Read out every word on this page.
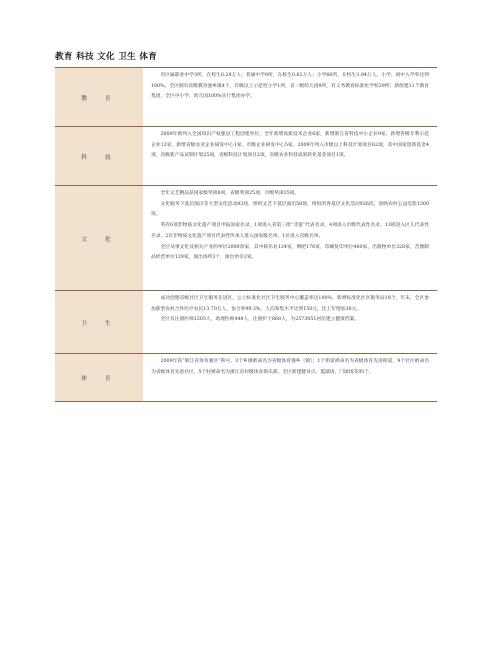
教育 科技 文化 卫生 体育
教　育

有区属职业中学3所，在校生0.24万人；普通中学9所，在校生0.62万人；小学66所，在校生3.94万人。小学、初中入学率达到100%。全区拥有省级教育强乡镇4个，有级以上示范性小学1所，省一级幼儿园9所，有义务教育标准化学校29所；新组建11个教育集团，全区中小学、幼儿园100%实行集团办学。

科　技

2009年被列入全国知识产权强县工程创建单位。全年新增高新技术企业6家，新增浙江省科技中小企业9家，新增各级专利示范企业12家，新增省级农业企业研发中心1家，市级企业研发中心5家。2009年列入市级以上科技计划项目62项，其中国家创新基金4项，省级新产品试制计划25项，省级科技计划项目2项，省级农业科技成果转化基金项目1项。

文　化

全年文艺精品获国家级奖项8项，省级奖项25项，市级奖项35项。

文化服务下基层演出等大型文化活动83场，组织文艺下基层演出58场，组织的各基层文化活动926次，放映农村公益电影1300场。

英有6项非物质文化遗产项目申报国家名录，1项进入省第三批“非遗”代表名录，4项进入市级代表性名录，13项进入区儿代表性名录，2位非物质文化遗产项目代表性传承人进入国家级名单，1位进入省级名单。

全区从事文化及相关产业的单位2000余家，其中娱乐业124家，网吧176家，印刷复印单位480家，出版物单位328家，音像制品经营单位129家，演出场所3个，演出单位2家。

卫　生

成功创建省级社区卫生服务先进区，公立标准化社区卫生服务中心覆盖率达100%，新增标准化社区服务站18个。年末，全区参加新型农村合作医疗农民13.70万人，参合率99.3%，人均筹集水平达到150元，比上年增加38元。

全区有注册医师1205人，助理医师448人，注册护士868人，为2573051居民建立健康档案。

体　育

2009年获“浙江省体育强区”称号，3个乡镇被命名为省级体育强乡（镇）；1个街道被命名为省级体育先进街道，9个社区被命名为省级体育先进社区，5个村被命名为浙江省村级体育俱乐部，全区新建健身点、篮球场、门球场等95个。
